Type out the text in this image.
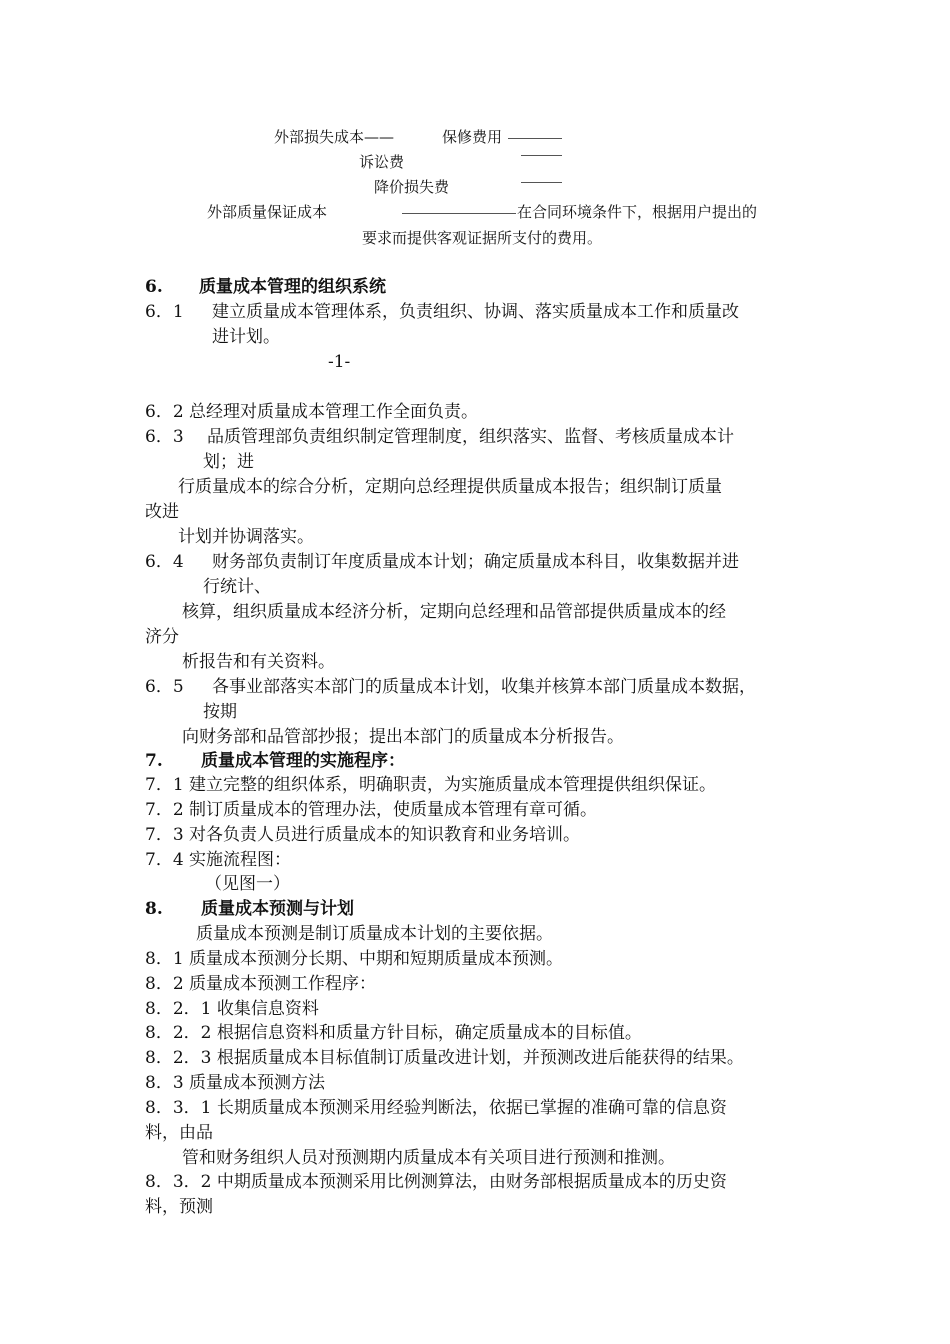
外部损失成本——	保修费用
诉讼费
降价损失费
外部质量保证成本	在合同环境条件下，根据用户提出的
要求而提供客观证据所支付的费用。
6. 质量成本管理的组织系统
6．1 建立质量成本管理体系，负责组织、协调、落实质量成本工作和质量改
进计划。
-1-
6．2 总经理对质量成本管理工作全面负责。
6．3 品质管理部负责组织制定管理制度，组织落实、监督、考核质量成本计
划；进
行质量成本的综合分析，定期向总经理提供质量成本报告；组织制订质量
改进
计划并协调落实。
6．4 财务部负责制订年度质量成本计划；确定质量成本科目，收集数据并进
行统计、
核算，组织质量成本经济分析，定期向总经理和品管部提供质量成本的经
济分
析报告和有关资料。
6．5 各事业部落实本部门的质量成本计划，收集并核算本部门质量成本数据，
按期
向财务部和品管部抄报；提出本部门的质量成本分析报告。
7. 质量成本管理的实施程序：
7．1 建立完整的组织体系，明确职责，为实施质量成本管理提供组织保证。
7．2 制订质量成本的管理办法，使质量成本管理有章可循。
7．3 对各负责人员进行质量成本的知识教育和业务培训。
7．4 实施流程图：
（见图一）
8. 质量成本预测与计划
质量成本预测是制订质量成本计划的主要依据。
8．1 质量成本预测分长期、中期和短期质量成本预测。
8．2 质量成本预测工作程序：
8．2．1 收集信息资料
8．2．2 根据信息资料和质量方针目标，确定质量成本的目标值。
8．2．3 根据质量成本目标值制订质量改进计划，并预测改进后能获得的结果。
8．3 质量成本预测方法
8．3．1 长期质量成本预测采用经验判断法，依据已掌握的准确可靠的信息资
料，由品
管和财务组织人员对预测期内质量成本有关项目进行预测和推测。
8．3．2 中期质量成本预测采用比例测算法，由财务部根据质量成本的历史资
料，预测
